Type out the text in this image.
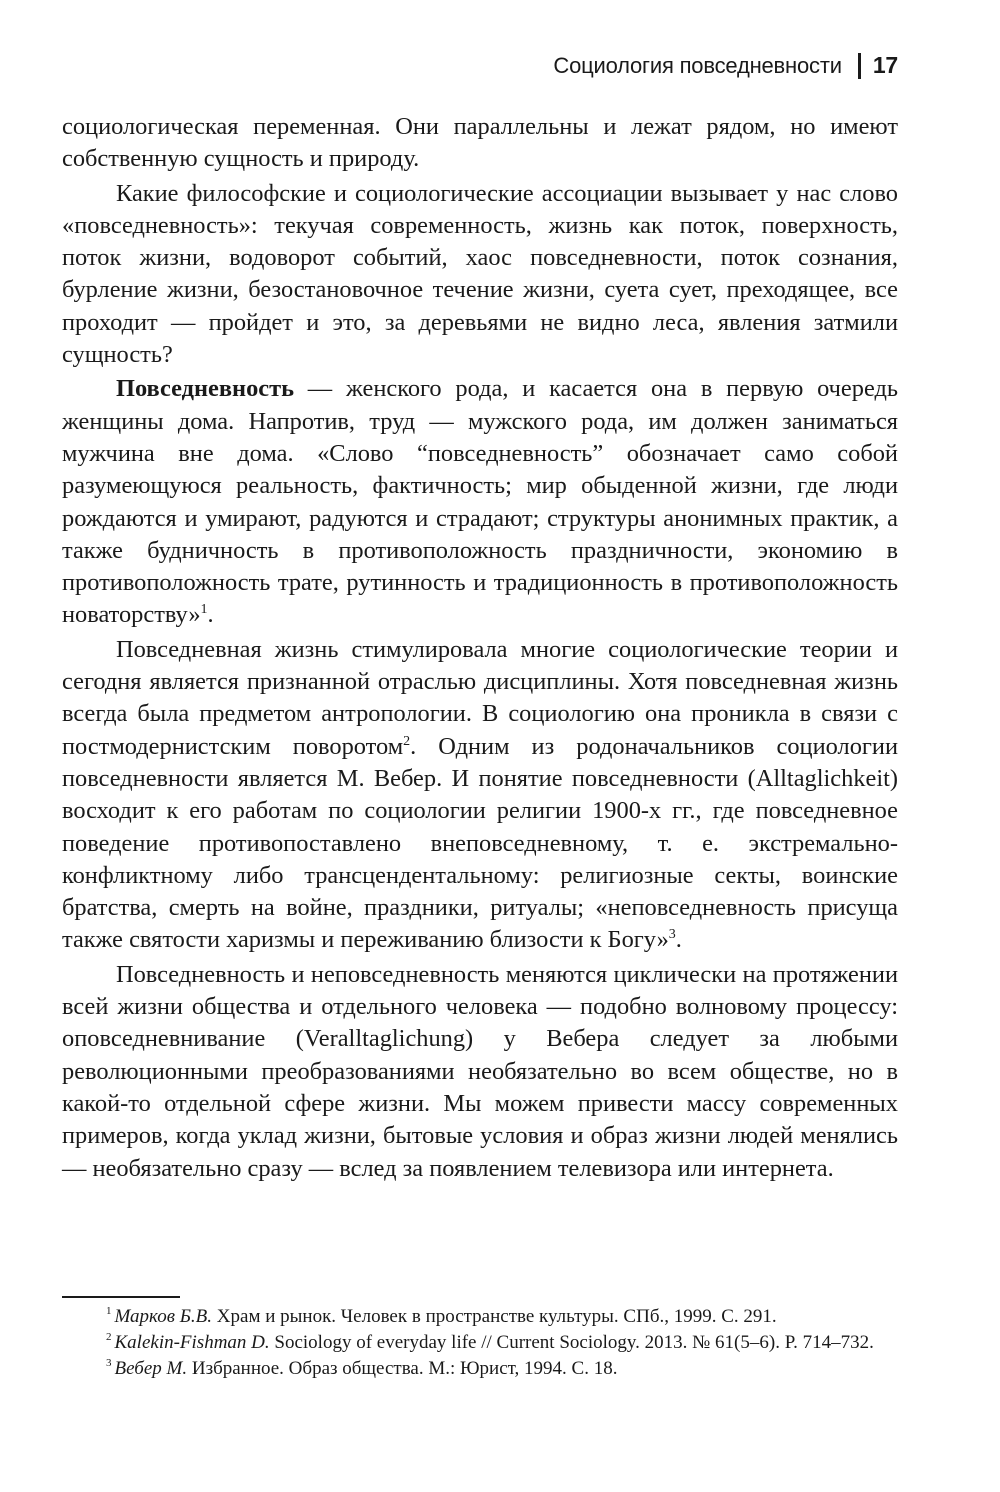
Социология повседневности 17

социологическая переменная. Они параллельны и лежат рядом, но имеют собственную сущность и природу.

Какие философские и социологические ассоциации вызывает у нас слово «повседневность»: текучая современность, жизнь как поток, поверхность, поток жизни, водоворот событий, хаос повседневности, поток сознания, бурление жизни, безостановочное течение жизни, суета сует, преходящее, все проходит — пройдет и это, за деревьями не видно леса, явления затмили сущность?

Повседневность — женского рода, и касается она в первую очередь женщины дома. Напротив, труд — мужского рода, им должен заниматься мужчина вне дома. «Слово “повседневность” обозначает само собой разумеющуюся реальность, фактичность; мир обыденной жизни, где люди рождаются и умирают, радуются и страдают; структуры анонимных практик, а также будничность в противоположность праздничности, экономию в противоположность трате, рутинность и традиционность в противоположность новаторству»$^1$.

Повседневная жизнь стимулировала многие социологические теории и сегодня является признанной отраслью дисциплины. Хотя повседневная жизнь всегда была предметом антропологии. В социологию она проникла в связи с постмодернистским поворотом$^2$. Одним из родоначальников социологии повседневности является М. Вебер. И понятие повседневности (Alltaglichkeit) восходит к его работам по социологии религии 1900-х гг., где повседневное поведение противопоставлено внеповседневному, т. е. экстремально-конфликтному либо трансцендентальному: религиозные секты, воинские братства, смерть на войне, праздники, ритуалы; «неповседневность присуща также святости харизмы и переживанию близости к Богу»$^3$.

Повседневность и неповседневность меняются циклически на протяжении всей жизни общества и отдельного человека — подобно волновому процессу: оповседневнивание (Veralltaglichung) у Вебера следует за любыми революционными преобразованиями необязательно во всем обществе, но в какой-то отдельной сфере жизни. Мы можем привести массу современных примеров, когда уклад жизни, бытовые условия и образ жизни людей менялись — необязательно сразу — вслед за появлением телевизора или интернета.

$^1$ Марков Б.В. Храм и рынок. Человек в пространстве культуры. СПб., 1999. С. 291.

$^2$ Kalekin-Fishman D. Sociology of everyday life // Current Sociology. 2013. № 61(5–6). P. 714–732.

$^3$ Вебер М. Избранное. Образ общества. М.: Юрист, 1994. С. 18.
